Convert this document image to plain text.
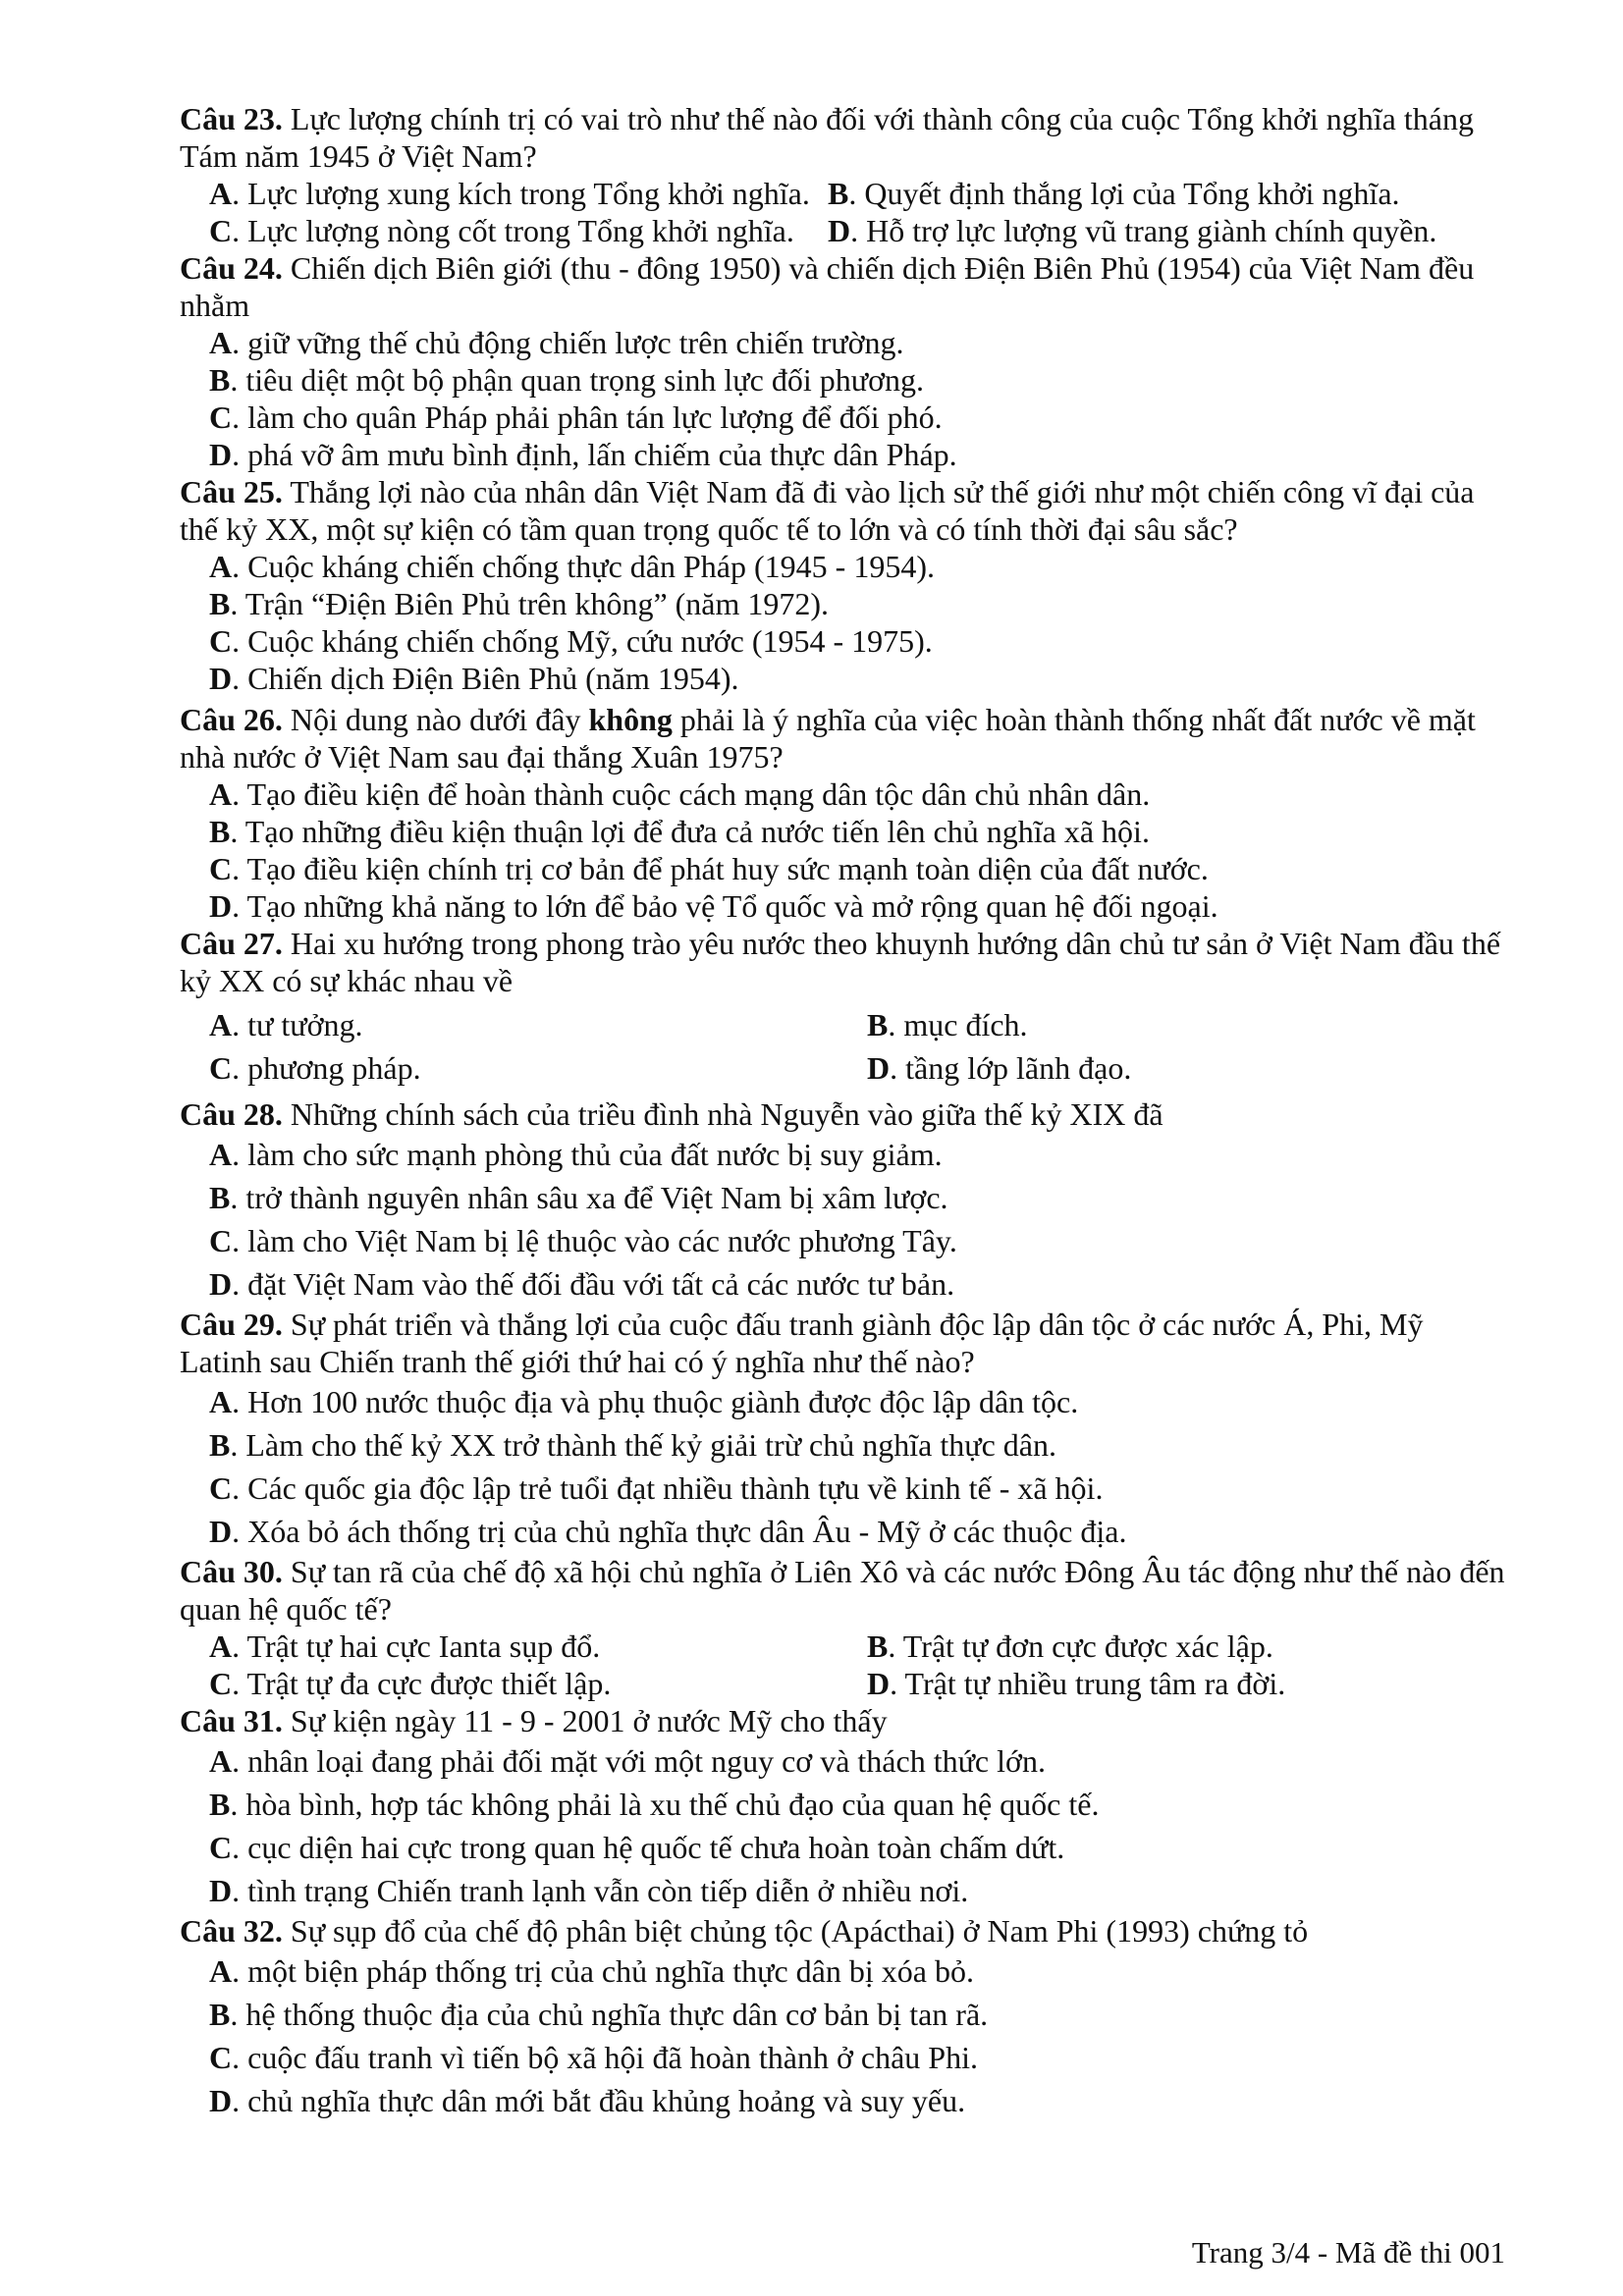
Câu 23. Lực lượng chính trị có vai trò như thế nào đối với thành công của cuộc Tổng khởi nghĩa tháng Tám năm 1945 ở Việt Nam?
A. Lực lượng xung kích trong Tổng khởi nghĩa. B. Quyết định thắng lợi của Tổng khởi nghĩa.
C. Lực lượng nòng cốt trong Tổng khởi nghĩa.	D. Hỗ trợ lực lượng vũ trang giành chính quyền.
Câu 24. Chiến dịch Biên giới (thu - đông 1950) và chiến dịch Điện Biên Phủ (1954) của Việt Nam đều nhằm
A. giữ vững thế chủ động chiến lược trên chiến trường.
B. tiêu diệt một bộ phận quan trọng sinh lực đối phương.
C. làm cho quân Pháp phải phân tán lực lượng để đối phó.
D. phá vỡ âm mưu bình định, lấn chiếm của thực dân Pháp.
Câu 25. Thắng lợi nào của nhân dân Việt Nam đã đi vào lịch sử thế giới như một chiến công vĩ đại của thế kỷ XX, một sự kiện có tầm quan trọng quốc tế to lớn và có tính thời đại sâu sắc?
A. Cuộc kháng chiến chống thực dân Pháp (1945 - 1954).
B. Trận “Điện Biên Phủ trên không” (năm 1972).
C. Cuộc kháng chiến chống Mỹ, cứu nước (1954 - 1975).
D. Chiến dịch Điện Biên Phủ (năm 1954).
Câu 26. Nội dung nào dưới đây không phải là ý nghĩa của việc hoàn thành thống nhất đất nước về mặt nhà nước ở Việt Nam sau đại thắng Xuân 1975?
A. Tạo điều kiện để hoàn thành cuộc cách mạng dân tộc dân chủ nhân dân.
B. Tạo những điều kiện thuận lợi để đưa cả nước tiến lên chủ nghĩa xã hội.
C. Tạo điều kiện chính trị cơ bản để phát huy sức mạnh toàn diện của đất nước.
D. Tạo những khả năng to lớn để bảo vệ Tổ quốc và mở rộng quan hệ đối ngoại.
Câu 27. Hai xu hướng trong phong trào yêu nước theo khuynh hướng dân chủ tư sản ở Việt Nam đầu thế kỷ XX có sự khác nhau về
A. tư tưởng.	B. mục đích.
C. phương pháp.	D. tầng lớp lãnh đạo.
Câu 28. Những chính sách của triều đình nhà Nguyễn vào giữa thế kỷ XIX đã
A. làm cho sức mạnh phòng thủ của đất nước bị suy giảm.
B. trở thành nguyên nhân sâu xa để Việt Nam bị xâm lược.
C. làm cho Việt Nam bị lệ thuộc vào các nước phương Tây.
D. đặt Việt Nam vào thế đối đầu với tất cả các nước tư bản.
Câu 29. Sự phát triển và thắng lợi của cuộc đấu tranh giành độc lập dân tộc ở các nước Á, Phi, Mỹ Latinh sau Chiến tranh thế giới thứ hai có ý nghĩa như thế nào?
A. Hơn 100 nước thuộc địa và phụ thuộc giành được độc lập dân tộc.
B. Làm cho thế kỷ XX trở thành thế kỷ giải trừ chủ nghĩa thực dân.
C. Các quốc gia độc lập trẻ tuổi đạt nhiều thành tựu về kinh tế - xã hội.
D. Xóa bỏ ách thống trị của chủ nghĩa thực dân Âu - Mỹ ở các thuộc địa.
Câu 30. Sự tan rã của chế độ xã hội chủ nghĩa ở Liên Xô và các nước Đông Âu tác động như thế nào đến quan hệ quốc tế?
A. Trật tự hai cực Ianta sụp đổ.	B. Trật tự đơn cực được xác lập.
C. Trật tự đa cực được thiết lập.	D. Trật tự nhiều trung tâm ra đời.
Câu 31. Sự kiện ngày 11 - 9 - 2001 ở nước Mỹ cho thấy
A. nhân loại đang phải đối mặt với một nguy cơ và thách thức lớn.
B. hòa bình, hợp tác không phải là xu thế chủ đạo của quan hệ quốc tế.
C. cục diện hai cực trong quan hệ quốc tế chưa hoàn toàn chấm dứt.
D. tình trạng Chiến tranh lạnh vẫn còn tiếp diễn ở nhiều nơi.
Câu 32. Sự sụp đổ của chế độ phân biệt chủng tộc (Apácthai) ở Nam Phi (1993) chứng tỏ
A. một biện pháp thống trị của chủ nghĩa thực dân bị xóa bỏ.
B. hệ thống thuộc địa của chủ nghĩa thực dân cơ bản bị tan rã.
C. cuộc đấu tranh vì tiến bộ xã hội đã hoàn thành ở châu Phi.
D. chủ nghĩa thực dân mới bắt đầu khủng hoảng và suy yếu.
Trang 3/4 - Mã đề thi 001
